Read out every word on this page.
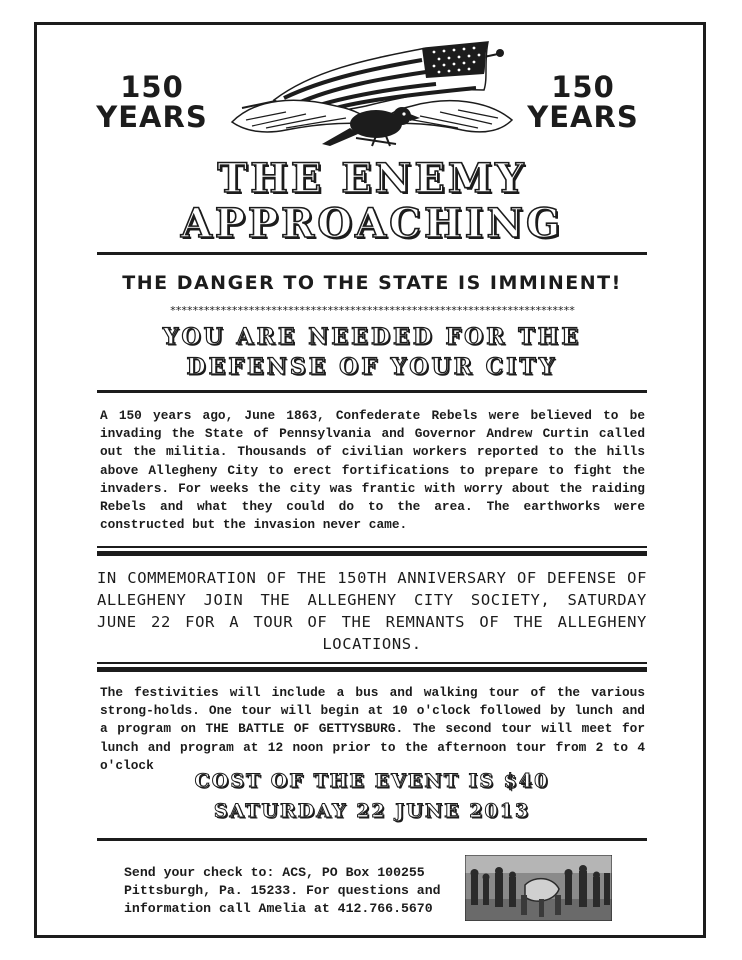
150
YEARS
150
YEARS
THE ENEMY
APPROACHING
THE DANGER TO THE STATE IS IMMINENT!
************************************************************************
YOU ARE NEEDED FOR THE
DEFENSE OF YOUR CITY
A 150 years ago, June 1863, Confederate Rebels were believed to be invading the State of Pennsylvania and Governor Andrew Curtin called out the militia. Thousands of civilian workers reported to the hills above Allegheny City to erect fortifications to prepare to fight the invaders. For weeks the city was frantic with worry about the raiding Rebels and what they could do to the area. The earthworks were constructed but the invasion never came.
IN COMMEMORATION OF THE 150TH ANNIVERSARY OF DEFENSE OF ALLEGHENY JOIN THE ALLEGHENY CITY SOCIETY, SATURDAY JUNE 22 FOR A TOUR OF THE REMNANTS OF THE ALLEGHENY LOCATIONS.
The festivities will include a bus and walking tour of the various strong-holds. One tour will begin at 10 o'clock followed by lunch and a program on THE BATTLE OF GETTYSBURG. The second tour will meet for lunch and program at 12 noon prior to the afternoon tour from 2 to 4 o'clock
COST OF THE EVENT IS $40
SATURDAY 22 JUNE 2013
Send your check to: ACS, PO Box 100255
Pittsburgh, Pa. 15233. For questions and
information call Amelia at 412.766.5670
